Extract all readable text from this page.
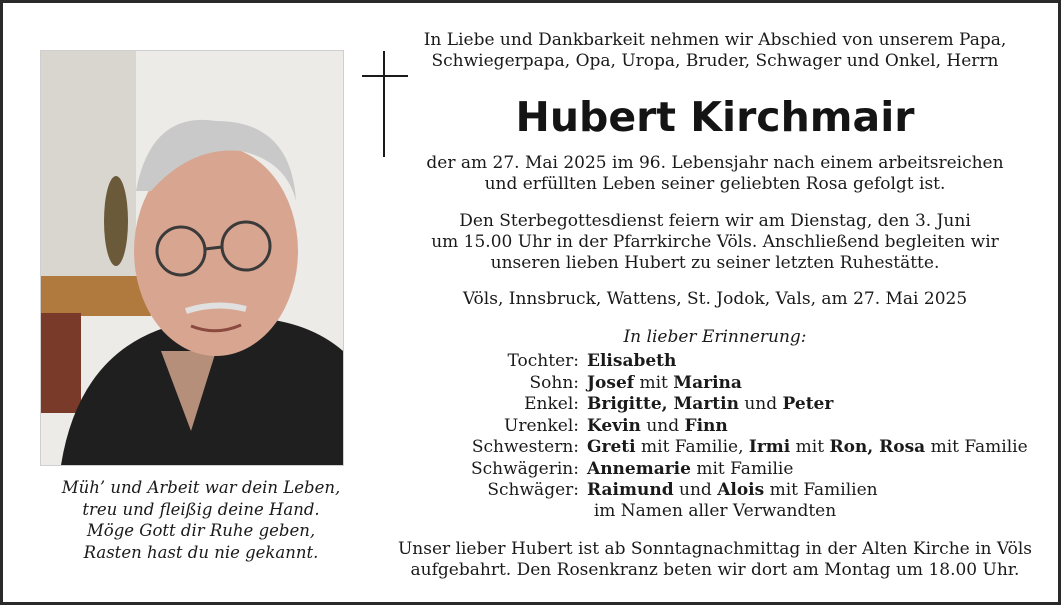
Müh’ und Arbeit war dein Leben,
treu und fleißig deine Hand.
Möge Gott dir Ruhe geben,
Rasten hast du nie gekannt.
In Liebe und Dankbarkeit nehmen wir Abschied von unserem Papa,
Schwiegerpapa, Opa, Uropa, Bruder, Schwager und Onkel, Herrn
Hubert Kirchmair
der am 27. Mai 2025 im 96. Lebensjahr nach einem arbeitsreichen
und erfüllten Leben seiner geliebten Rosa gefolgt ist.
Den Sterbegottesdienst feiern wir am Dienstag, den 3. Juni
um 15.00 Uhr in der Pfarrkirche Völs. Anschließend begleiten wir
unseren lieben Hubert zu seiner letzten Ruhestätte.
Völs, Innsbruck, Wattens, St. Jodok, Vals, am 27. Mai 2025
In lieber Erinnerung:
Tochter: Elisabeth
Sohn: Josef mit Marina
Enkel: Brigitte, Martin und Peter
Urenkel: Kevin und Finn
Schwestern: Greti mit Familie, Irmi mit Ron, Rosa mit Familie
Schwägerin: Annemarie mit Familie
Schwäger: Raimund und Alois mit Familien
im Namen aller Verwandten
Unser lieber Hubert ist ab Sonntagnachmittag in der Alten Kirche in Völs
aufgebahrt. Den Rosenkranz beten wir dort am Montag um 18.00 Uhr.
